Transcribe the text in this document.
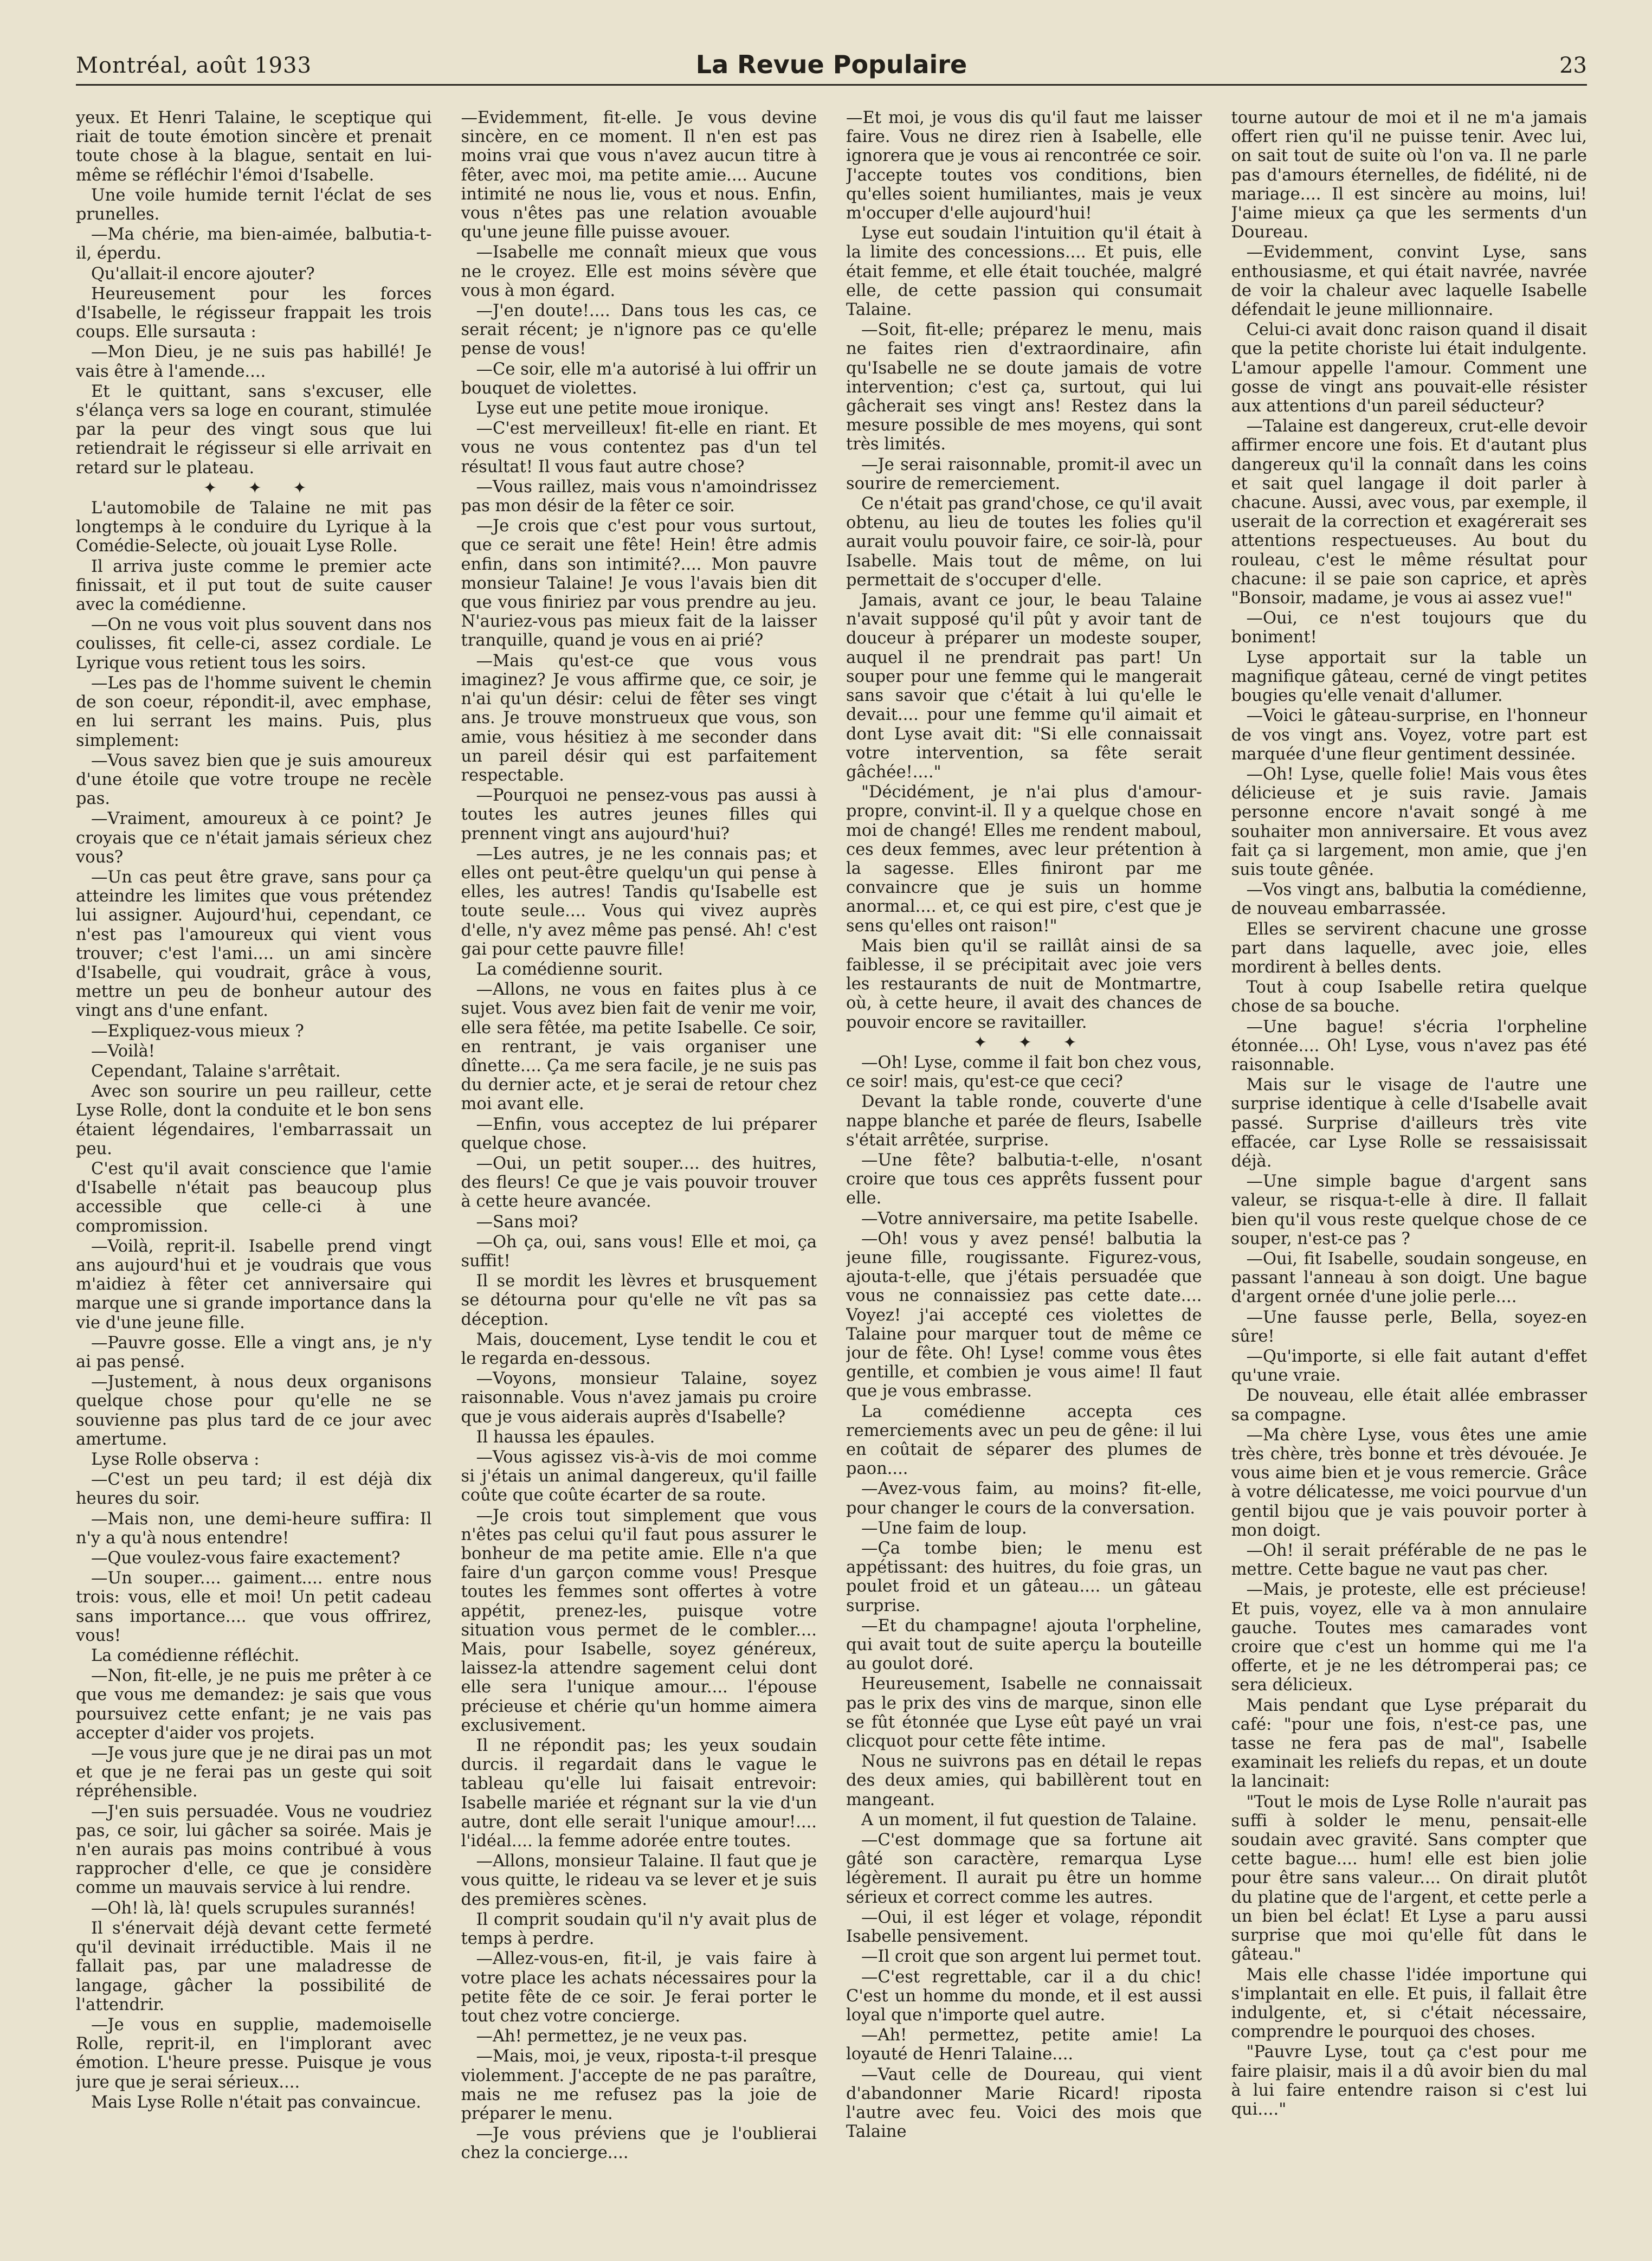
Montréal, août 1933	La Revue Populaire	23

yeux. Et Henri Talaine, le sceptique qui riait de toute émotion sincère et prenait toute chose à la blague, sentait en lui-même se réfléchir l'émoi d'Isabelle.

Une voile humide ternit l'éclat de ses prunelles.

—Ma chérie, ma bien-aimée, balbutia-t-il, éperdu.

Qu'allait-il encore ajouter?

Heureusement pour les forces d'Isabelle, le régisseur frappait les trois coups. Elle sursauta :

—Mon Dieu, je ne suis pas habillé! Je vais être à l'amende....

Et le quittant, sans s'excuser, elle s'élança vers sa loge en courant, stimulée par la peur des vingt sous que lui retiendrait le régisseur si elle arrivait en retard sur le plateau.

✦ ✦ ✦

L'automobile de Talaine ne mit pas longtemps à le conduire du Lyrique à la Comédie-Selecte, où jouait Lyse Rolle.

Il arriva juste comme le premier acte finissait, et il put tout de suite causer avec la comédienne.

—On ne vous voit plus souvent dans nos coulisses, fit celle-ci, assez cordiale. Le Lyrique vous retient tous les soirs.

—Les pas de l'homme suivent le chemin de son coeur, répondit-il, avec emphase, en lui serrant les mains. Puis, plus simplement:

—Vous savez bien que je suis amoureux d'une étoile que votre troupe ne recèle pas.

—Vraiment, amoureux à ce point? Je croyais que ce n'était jamais sérieux chez vous?

—Un cas peut être grave, sans pour ça atteindre les limites que vous prétendez lui assigner. Aujourd'hui, cependant, ce n'est pas l'amoureux qui vient vous trouver; c'est l'ami.... un ami sincère d'Isabelle, qui voudrait, grâce à vous, mettre un peu de bonheur autour des vingt ans d'une enfant.

—Expliquez-vous mieux ?

—Voilà!

Cependant, Talaine s'arrêtait.

Avec son sourire un peu railleur, cette Lyse Rolle, dont la conduite et le bon sens étaient légendaires, l'embarrassait un peu.

C'est qu'il avait conscience que l'amie d'Isabelle n'était pas beaucoup plus accessible que celle-ci à une compromission.

—Voilà, reprit-il. Isabelle prend vingt ans aujourd'hui et je voudrais que vous m'aidiez à fêter cet anniversaire qui marque une si grande importance dans la vie d'une jeune fille.

—Pauvre gosse. Elle a vingt ans, je n'y ai pas pensé.

—Justement, à nous deux organisons quelque chose pour qu'elle ne se souvienne pas plus tard de ce jour avec amertume.

Lyse Rolle observa :

—C'est un peu tard; il est déjà dix heures du soir.

—Mais non, une demi-heure suffira: Il n'y a qu'à nous entendre!

—Que voulez-vous faire exactement?

—Un souper.... gaiment.... entre nous trois: vous, elle et moi! Un petit cadeau sans importance.... que vous offrirez, vous!

La comédienne réfléchit.

—Non, fit-elle, je ne puis me prêter à ce que vous me demandez: je sais que vous poursuivez cette enfant; je ne vais pas accepter d'aider vos projets.

—Je vous jure que je ne dirai pas un mot et que je ne ferai pas un geste qui soit répréhensible.

—J'en suis persuadée. Vous ne voudriez pas, ce soir, lui gâcher sa soirée. Mais je n'en aurais pas moins contribué à vous rapprocher d'elle, ce que je considère comme un mauvais service à lui rendre.

—Oh! là, là! quels scrupules surannés!

Il s'énervait déjà devant cette fermeté qu'il devinait irréductible. Mais il ne fallait pas, par une maladresse de langage, gâcher la possibilité de l'attendrir.

—Je vous en supplie, mademoiselle Rolle, reprit-il, en l'implorant avec émotion. L'heure presse. Puisque je vous jure que je serai sérieux....

Mais Lyse Rolle n'était pas convaincue.

—Evidemment, fit-elle. Je vous devine sincère, en ce moment. Il n'en est pas moins vrai que vous n'avez aucun titre à fêter, avec moi, ma petite amie.... Aucune intimité ne nous lie, vous et nous. Enfin, vous n'êtes pas une relation avouable qu'une jeune fille puisse avouer.

—Isabelle me connaît mieux que vous ne le croyez. Elle est moins sévère que vous à mon égard.

—J'en doute!.... Dans tous les cas, ce serait récent; je n'ignore pas ce qu'elle pense de vous!

—Ce soir, elle m'a autorisé à lui offrir un bouquet de violettes.

Lyse eut une petite moue ironique.

—C'est merveilleux! fit-elle en riant. Et vous ne vous contentez pas d'un tel résultat! Il vous faut autre chose?

—Vous raillez, mais vous n'amoindrissez pas mon désir de la fêter ce soir.

—Je crois que c'est pour vous surtout, que ce serait une fête! Hein! être admis enfin, dans son intimité?.... Mon pauvre monsieur Talaine! Je vous l'avais bien dit que vous finiriez par vous prendre au jeu. N'auriez-vous pas mieux fait de la laisser tranquille, quand je vous en ai prié?

—Mais qu'est-ce que vous vous imaginez? Je vous affirme que, ce soir, je n'ai qu'un désir: celui de fêter ses vingt ans. Je trouve monstrueux que vous, son amie, vous hésitiez à me seconder dans un pareil désir qui est parfaitement respectable.

—Pourquoi ne pensez-vous pas aussi à toutes les autres jeunes filles qui prennent vingt ans aujourd'hui?

—Les autres, je ne les connais pas; et elles ont peut-être quelqu'un qui pense à elles, les autres! Tandis qu'Isabelle est toute seule.... Vous qui vivez auprès d'elle, n'y avez même pas pensé. Ah! c'est gai pour cette pauvre fille!

La comédienne sourit.

—Allons, ne vous en faites plus à ce sujet. Vous avez bien fait de venir me voir, elle sera fêtée, ma petite Isabelle. Ce soir, en rentrant, je vais organiser une dînette.... Ça me sera facile, je ne suis pas du dernier acte, et je serai de retour chez moi avant elle.

—Enfin, vous acceptez de lui préparer quelque chose.

—Oui, un petit souper.... des huitres, des fleurs! Ce que je vais pouvoir trouver à cette heure avancée.

—Sans moi?

—Oh ça, oui, sans vous! Elle et moi, ça suffit!

Il se mordit les lèvres et brusquement se détourna pour qu'elle ne vît pas sa déception.

Mais, doucement, Lyse tendit le cou et le regarda en-dessous.

—Voyons, monsieur Talaine, soyez raisonnable. Vous n'avez jamais pu croire que je vous aiderais auprès d'Isabelle?

Il haussa les épaules.

—Vous agissez vis-à-vis de moi comme si j'étais un animal dangereux, qu'il faille coûte que coûte écarter de sa route.

—Je crois tout simplement que vous n'êtes pas celui qu'il faut pous assurer le bonheur de ma petite amie. Elle n'a que faire d'un garçon comme vous! Presque toutes les femmes sont offertes à votre appétit, prenez-les, puisque votre situation vous permet de le combler.... Mais, pour Isabelle, soyez généreux, laissez-la attendre sagement celui dont elle sera l'unique amour.... l'épouse précieuse et chérie qu'un homme aimera exclusivement.

Il ne répondit pas; les yeux soudain durcis. il regardait dans le vague le tableau qu'elle lui faisait entrevoir: Isabelle mariée et régnant sur la vie d'un autre, dont elle serait l'unique amour!.... l'idéal.... la femme adorée entre toutes.

—Allons, monsieur Talaine. Il faut que je vous quitte, le rideau va se lever et je suis des premières scènes.

Il comprit soudain qu'il n'y avait plus de temps à perdre.

—Allez-vous-en, fit-il, je vais faire à votre place les achats nécessaires pour la petite fête de ce soir. Je ferai porter le tout chez votre concierge.

—Ah! permettez, je ne veux pas.

—Mais, moi, je veux, riposta-t-il presque violemment. J'accepte de ne pas paraître, mais ne me refusez pas la joie de préparer le menu.

—Je vous préviens que je l'oublierai chez la concierge....

—Et moi, je vous dis qu'il faut me laisser faire. Vous ne direz rien à Isabelle, elle ignorera que je vous ai rencontrée ce soir. J'accepte toutes vos conditions, bien qu'elles soient humiliantes, mais je veux m'occuper d'elle aujourd'hui!

Lyse eut soudain l'intuition qu'il était à la limite des concessions.... Et puis, elle était femme, et elle était touchée, malgré elle, de cette passion qui consumait Talaine.

—Soit, fit-elle; préparez le menu, mais ne faites rien d'extraordinaire, afin qu'Isabelle ne se doute jamais de votre intervention; c'est ça, surtout, qui lui gâcherait ses vingt ans! Restez dans la mesure possible de mes moyens, qui sont très limités.

—Je serai raisonnable, promit-il avec un sourire de remerciement.

Ce n'était pas grand'chose, ce qu'il avait obtenu, au lieu de toutes les folies qu'il aurait voulu pouvoir faire, ce soir-là, pour Isabelle. Mais tout de même, on lui permettait de s'occuper d'elle.

Jamais, avant ce jour, le beau Talaine n'avait supposé qu'il pût y avoir tant de douceur à préparer un modeste souper, auquel il ne prendrait pas part! Un souper pour une femme qui le mangerait sans savoir que c'était à lui qu'elle le devait.... pour une femme qu'il aimait et dont Lyse avait dit: "Si elle connaissait votre intervention, sa fête serait gâchée!...."

"Décidément, je n'ai plus d'amour-propre, convint-il. Il y a quelque chose en moi de changé! Elles me rendent maboul, ces deux femmes, avec leur prétention à la sagesse. Elles finiront par me convaincre que je suis un homme anormal.... et, ce qui est pire, c'est que je sens qu'elles ont raison!"

Mais bien qu'il se raillât ainsi de sa faiblesse, il se précipitait avec joie vers les restaurants de nuit de Montmartre, où, à cette heure, il avait des chances de pouvoir encore se ravitailler.

✦ ✦ ✦

—Oh! Lyse, comme il fait bon chez vous, ce soir! mais, qu'est-ce que ceci?

Devant la table ronde, couverte d'une nappe blanche et parée de fleurs, Isabelle s'était arrêtée, surprise.

—Une fête? balbutia-t-elle, n'osant croire que tous ces apprêts fussent pour elle.

—Votre anniversaire, ma petite Isabelle.

—Oh! vous y avez pensé! balbutia la jeune fille, rougissante. Figurez-vous, ajouta-t-elle, que j'étais persuadée que vous ne connaissiez pas cette date.... Voyez! j'ai accepté ces violettes de Talaine pour marquer tout de même ce jour de fête. Oh! Lyse! comme vous êtes gentille, et combien je vous aime! Il faut que je vous embrasse.

La comédienne accepta ces remerciements avec un peu de gêne: il lui en coûtait de séparer des plumes de paon....

—Avez-vous faim, au moins? fit-elle, pour changer le cours de la conversation.

—Une faim de loup.

—Ça tombe bien; le menu est appétissant: des huitres, du foie gras, un poulet froid et un gâteau.... un gâteau surprise.

—Et du champagne! ajouta l'orpheline, qui avait tout de suite aperçu la bouteille au goulot doré.

Heureusement, Isabelle ne connaissait pas le prix des vins de marque, sinon elle se fût étonnée que Lyse eût payé un vrai clicquot pour cette fête intime.

Nous ne suivrons pas en détail le repas des deux amies, qui babillèrent tout en mangeant.

A un moment, il fut question de Talaine.

—C'est dommage que sa fortune ait gâté son caractère, remarqua Lyse légèrement. Il aurait pu être un homme sérieux et correct comme les autres.

—Oui, il est léger et volage, répondit Isabelle pensivement.

—Il croit que son argent lui permet tout.

—C'est regrettable, car il a du chic! C'est un homme du monde, et il est aussi loyal que n'importe quel autre.

—Ah! permettez, petite amie! La loyauté de Henri Talaine....

—Vaut celle de Doureau, qui vient d'abandonner Marie Ricard! riposta l'autre avec feu. Voici des mois que Talaine

tourne autour de moi et il ne m'a jamais offert rien qu'il ne puisse tenir. Avec lui, on sait tout de suite où l'on va. Il ne parle pas d'amours éternelles, de fidélité, ni de mariage.... Il est sincère au moins, lui! J'aime mieux ça que les serments d'un Doureau.

—Evidemment, convint Lyse, sans enthousiasme, et qui était navrée, navrée de voir la chaleur avec laquelle Isabelle défendait le jeune millionnaire.

Celui-ci avait donc raison quand il disait que la petite choriste lui était indulgente. L'amour appelle l'amour. Comment une gosse de vingt ans pouvait-elle résister aux attentions d'un pareil séducteur?

—Talaine est dangereux, crut-elle devoir affirmer encore une fois. Et d'autant plus dangereux qu'il la connaît dans les coins et sait quel langage il doit parler à chacune. Aussi, avec vous, par exemple, il userait de la correction et exagérerait ses attentions respectueuses. Au bout du rouleau, c'est le même résultat pour chacune: il se paie son caprice, et après "Bonsoir, madame, je vous ai assez vue!"

—Oui, ce n'est toujours que du boniment!

Lyse apportait sur la table un magnifique gâteau, cerné de vingt petites bougies qu'elle venait d'allumer.

—Voici le gâteau-surprise, en l'honneur de vos vingt ans. Voyez, votre part est marquée d'une fleur gentiment dessinée.

—Oh! Lyse, quelle folie! Mais vous êtes délicieuse et je suis ravie. Jamais personne encore n'avait songé à me souhaiter mon anniversaire. Et vous avez fait ça si largement, mon amie, que j'en suis toute gênée.

—Vos vingt ans, balbutia la comédienne, de nouveau embarrassée.

Elles se servirent chacune une grosse part dans laquelle, avec joie, elles mordirent à belles dents.

Tout à coup Isabelle retira quelque chose de sa bouche.

—Une bague! s'écria l'orpheline étonnée.... Oh! Lyse, vous n'avez pas été raisonnable.

Mais sur le visage de l'autre une surprise identique à celle d'Isabelle avait passé. Surprise d'ailleurs très vite effacée, car Lyse Rolle se ressaisissait déjà.

—Une simple bague d'argent sans valeur, se risqua-t-elle à dire. Il fallait bien qu'il vous reste quelque chose de ce souper, n'est-ce pas ?

—Oui, fit Isabelle, soudain songeuse, en passant l'anneau à son doigt. Une bague d'argent ornée d'une jolie perle....

—Une fausse perle, Bella, soyez-en sûre!

—Qu'importe, si elle fait autant d'effet qu'une vraie.

De nouveau, elle était allée embrasser sa compagne.

—Ma chère Lyse, vous êtes une amie très chère, très bonne et très dévouée. Je vous aime bien et je vous remercie. Grâce à votre délicatesse, me voici pourvue d'un gentil bijou que je vais pouvoir porter à mon doigt.

—Oh! il serait préférable de ne pas le mettre. Cette bague ne vaut pas cher.

—Mais, je proteste, elle est précieuse! Et puis, voyez, elle va à mon annulaire gauche. Toutes mes camarades vont croire que c'est un homme qui me l'a offerte, et je ne les détromperai pas; ce sera délicieux.

Mais pendant que Lyse préparait du café: "pour une fois, n'est-ce pas, une tasse ne fera pas de mal", Isabelle examinait les reliefs du repas, et un doute la lancinait:

"Tout le mois de Lyse Rolle n'aurait pas suffi à solder le menu, pensait-elle soudain avec gravité. Sans compter que cette bague.... hum! elle est bien jolie pour être sans valeur.... On dirait plutôt du platine que de l'argent, et cette perle a un bien bel éclat! Et Lyse a paru aussi surprise que moi qu'elle fût dans le gâteau."

Mais elle chasse l'idée importune qui s'implantait en elle. Et puis, il fallait être indulgente, et, si c'était nécessaire, comprendre le pourquoi des choses.

"Pauvre Lyse, tout ça c'est pour me faire plaisir, mais il a dû avoir bien du mal à lui faire entendre raison si c'est lui qui...."
